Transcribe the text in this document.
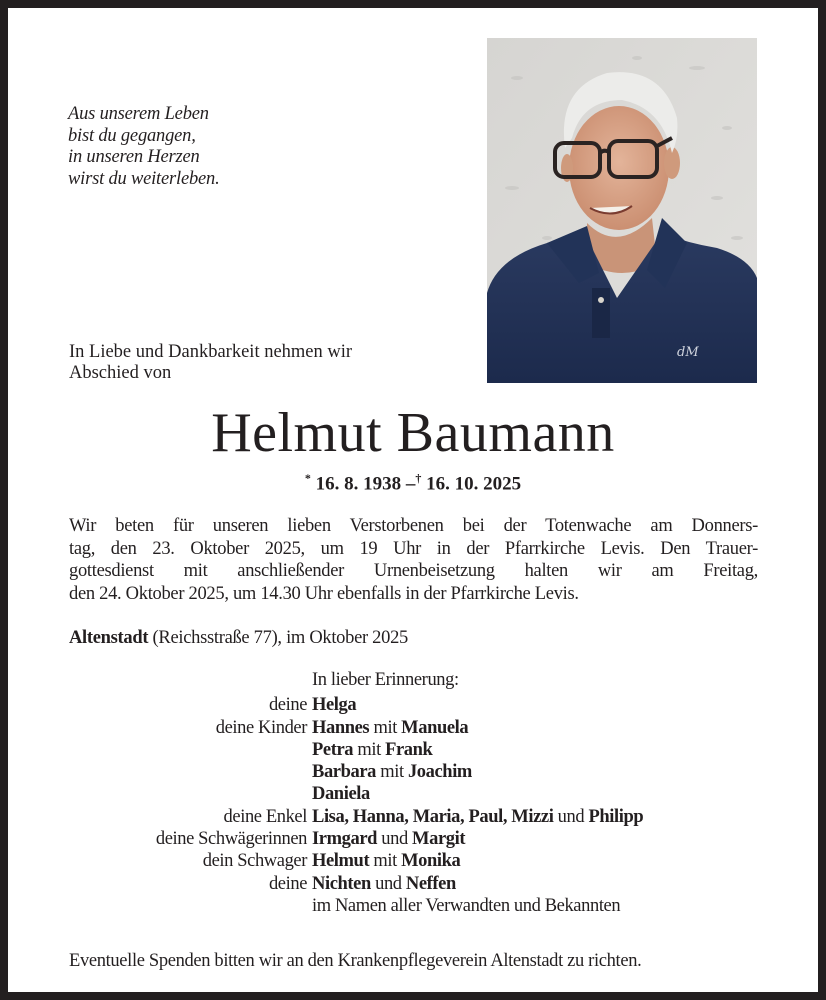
Aus unserem Leben
bist du gegangen,
in unseren Herzen
wirst du weiterleben.
dM
In Liebe und Dankbarkeit nehmen wir
Abschied von
Helmut Baumann
* 16. 8. 1938 –† 16. 10. 2025
Wir beten für unseren lieben Verstorbenen bei der Totenwache am Donners-
tag, den 23. Oktober 2025, um 19 Uhr in der Pfarrkirche Levis. Den Trauer-
gottesdienst mit anschließender Urnenbeisetzung halten wir am Freitag,
den 24. Oktober 2025, um 14.30 Uhr ebenfalls in der Pfarrkirche Levis.
Altenstadt (Reichsstraße 77), im Oktober 2025
In lieber Erinnerung:
deine Helga
deine Kinder Hannes mit Manuela
Petra mit Frank
Barbara mit Joachim
Daniela
deine Enkel Lisa, Hanna, Maria, Paul, Mizzi und Philipp
deine Schwägerinnen Irmgard und Margit
dein Schwager Helmut mit Monika
deine Nichten und Neffen
im Namen aller Verwandten und Bekannten
Eventuelle Spenden bitten wir an den Krankenpflegeverein Altenstadt zu richten.
